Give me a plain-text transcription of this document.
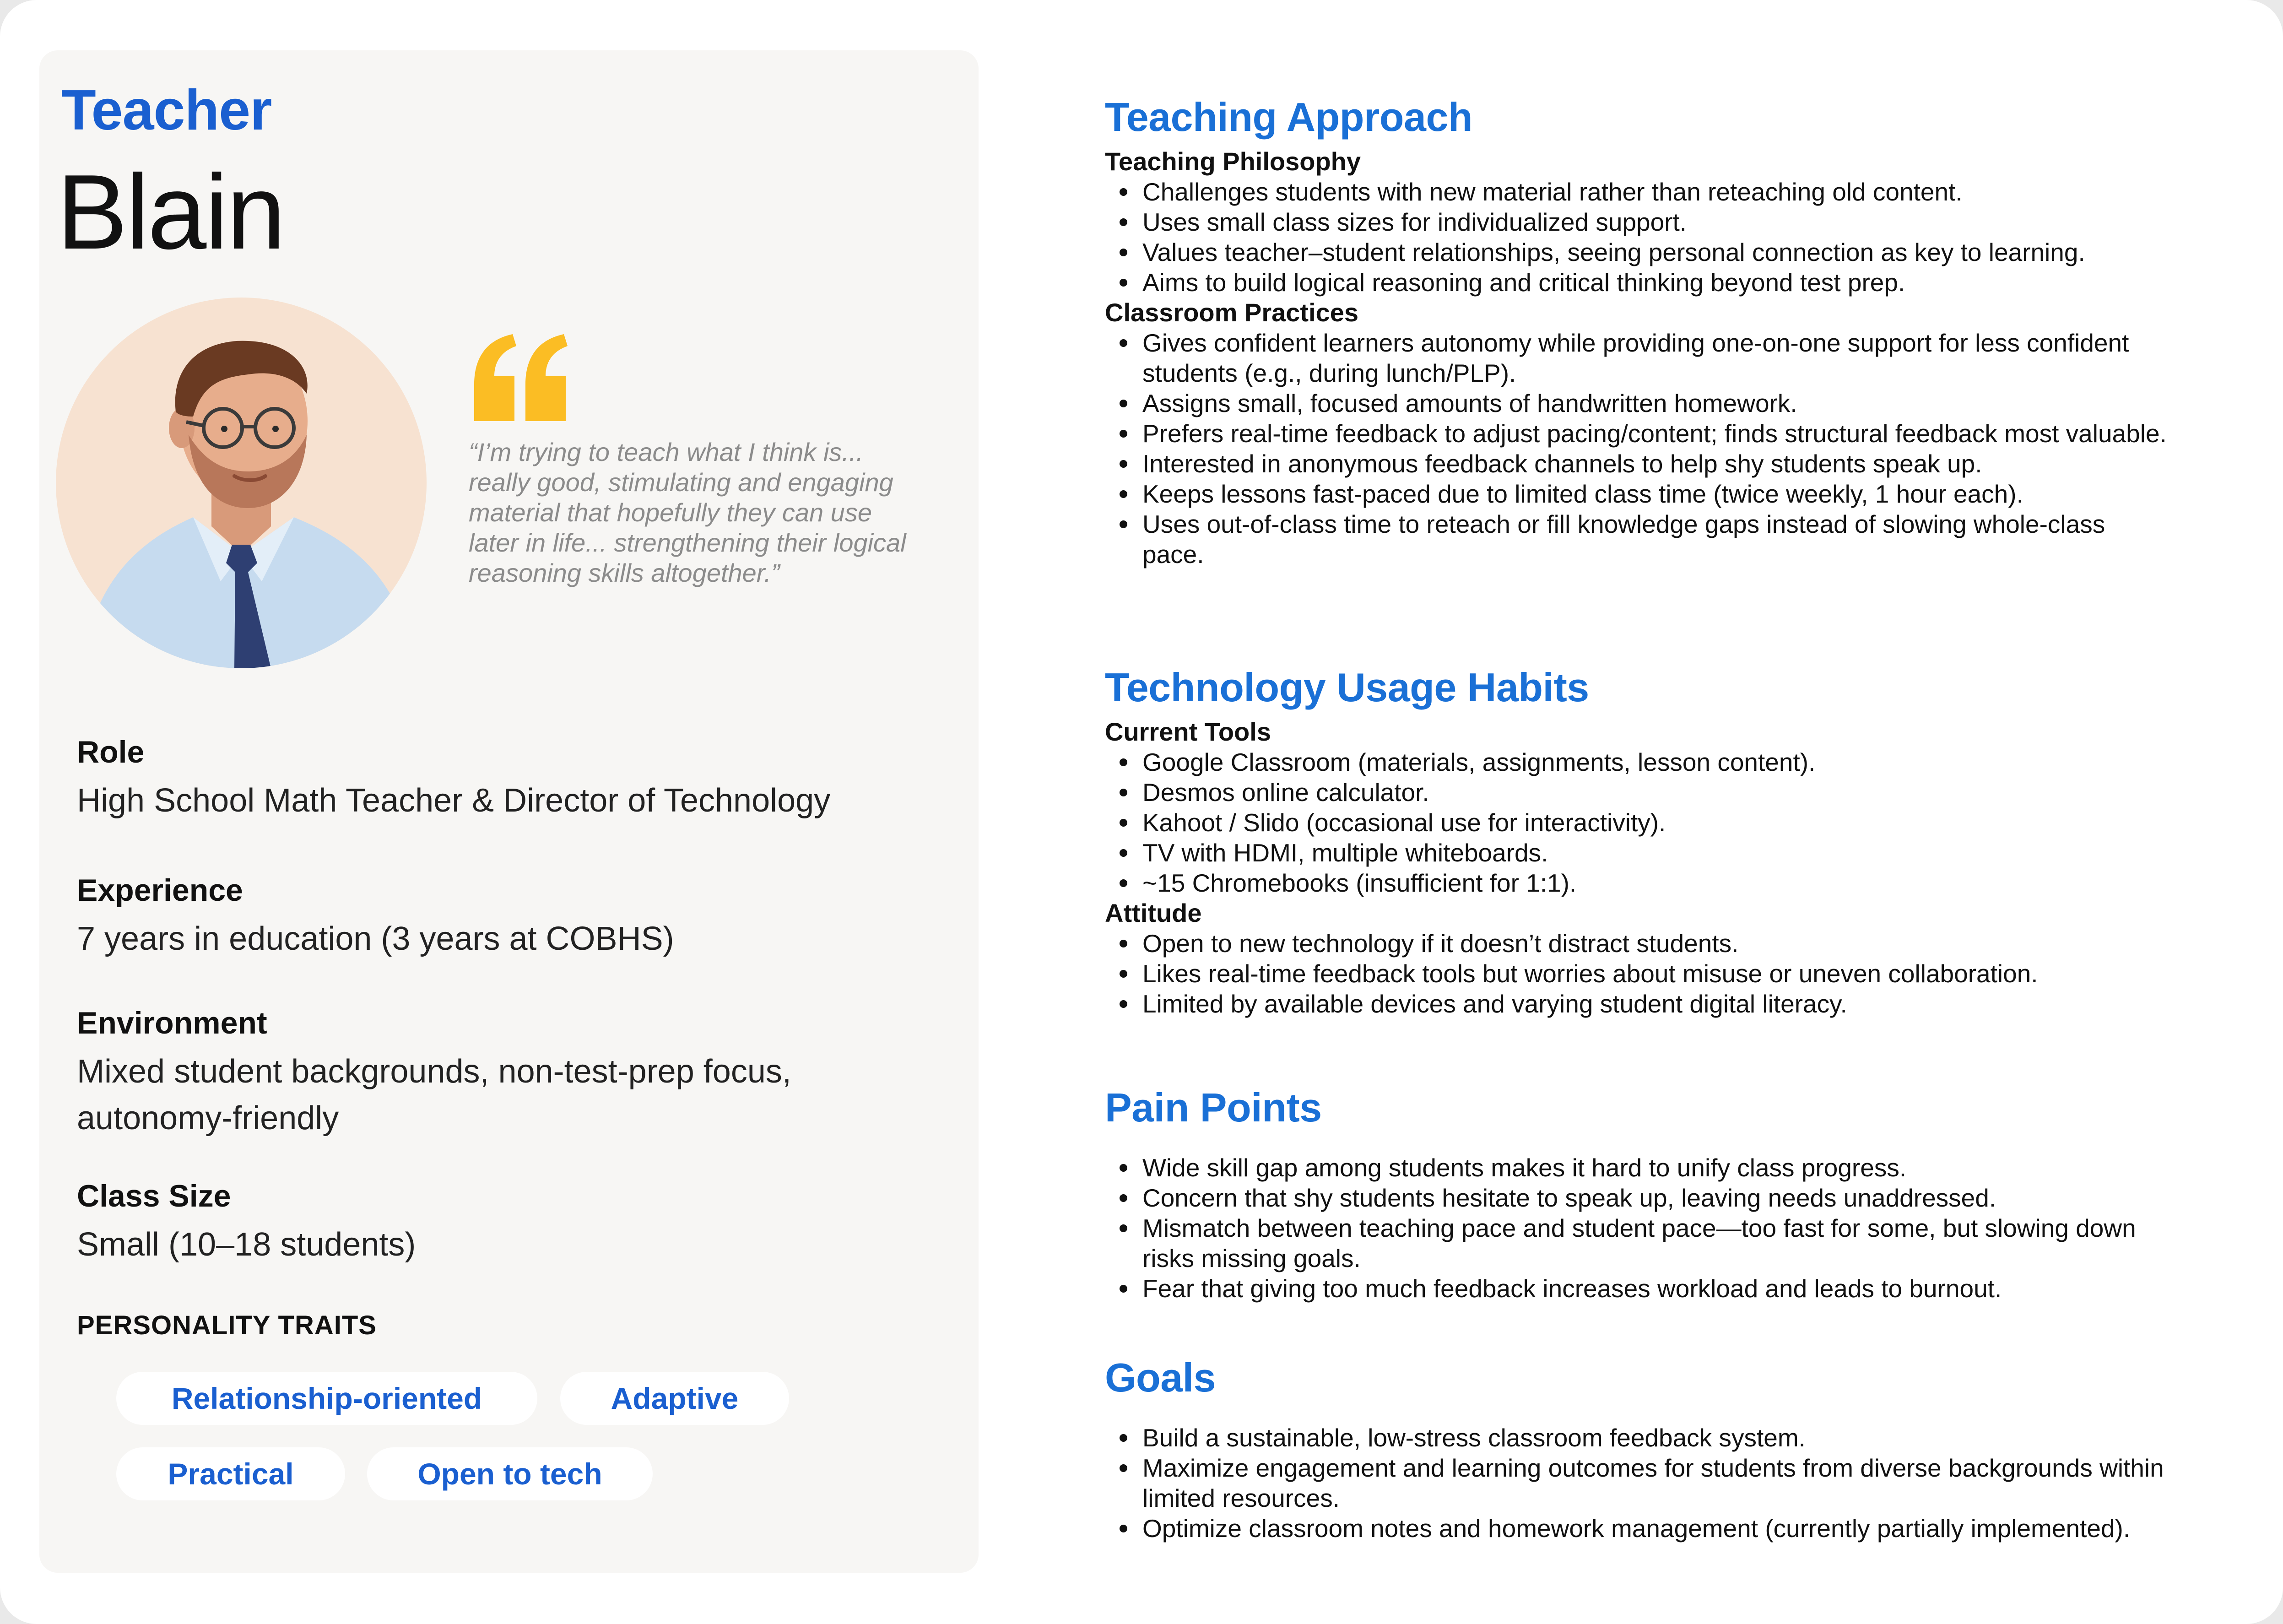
Teacher
Blain
“I’m trying to teach what I think is... really good, stimulating and engaging material that hopefully they can use later in life... strengthening their logical reasoning skills altogether.”
Role
High School Math Teacher & Director of Technology
Experience
7 years in education (3 years at COBHS)
Environment
Mixed student backgrounds, non-test-prep focus, autonomy-friendly
Class Size
Small (10–18 students)
PERSONALITY TRAITS
Relationship-oriented	Adaptive
Practical	Open to tech
Teaching Approach
Teaching Philosophy
Challenges students with new material rather than reteaching old content.
Uses small class sizes for individualized support.
Values teacher–student relationships, seeing personal connection as key to learning.
Aims to build logical reasoning and critical thinking beyond test prep.
Classroom Practices
Gives confident learners autonomy while providing one-on-one support for less confident students (e.g., during lunch/PLP).
Assigns small, focused amounts of handwritten homework.
Prefers real-time feedback to adjust pacing/content; finds structural feedback most valuable.
Interested in anonymous feedback channels to help shy students speak up.
Keeps lessons fast-paced due to limited class time (twice weekly, 1 hour each).
Uses out-of-class time to reteach or fill knowledge gaps instead of slowing whole-class pace.
Technology Usage Habits
Current Tools
Google Classroom (materials, assignments, lesson content).
Desmos online calculator.
Kahoot / Slido (occasional use for interactivity).
TV with HDMI, multiple whiteboards.
~15 Chromebooks (insufficient for 1:1).
Attitude
Open to new technology if it doesn’t distract students.
Likes real-time feedback tools but worries about misuse or uneven collaboration.
Limited by available devices and varying student digital literacy.
Pain Points
Wide skill gap among students makes it hard to unify class progress.
Concern that shy students hesitate to speak up, leaving needs unaddressed.
Mismatch between teaching pace and student pace—too fast for some, but slowing down risks missing goals.
Fear that giving too much feedback increases workload and leads to burnout.
Goals
Build a sustainable, low-stress classroom feedback system.
Maximize engagement and learning outcomes for students from diverse backgrounds within limited resources.
Optimize classroom notes and homework management (currently partially implemented).
